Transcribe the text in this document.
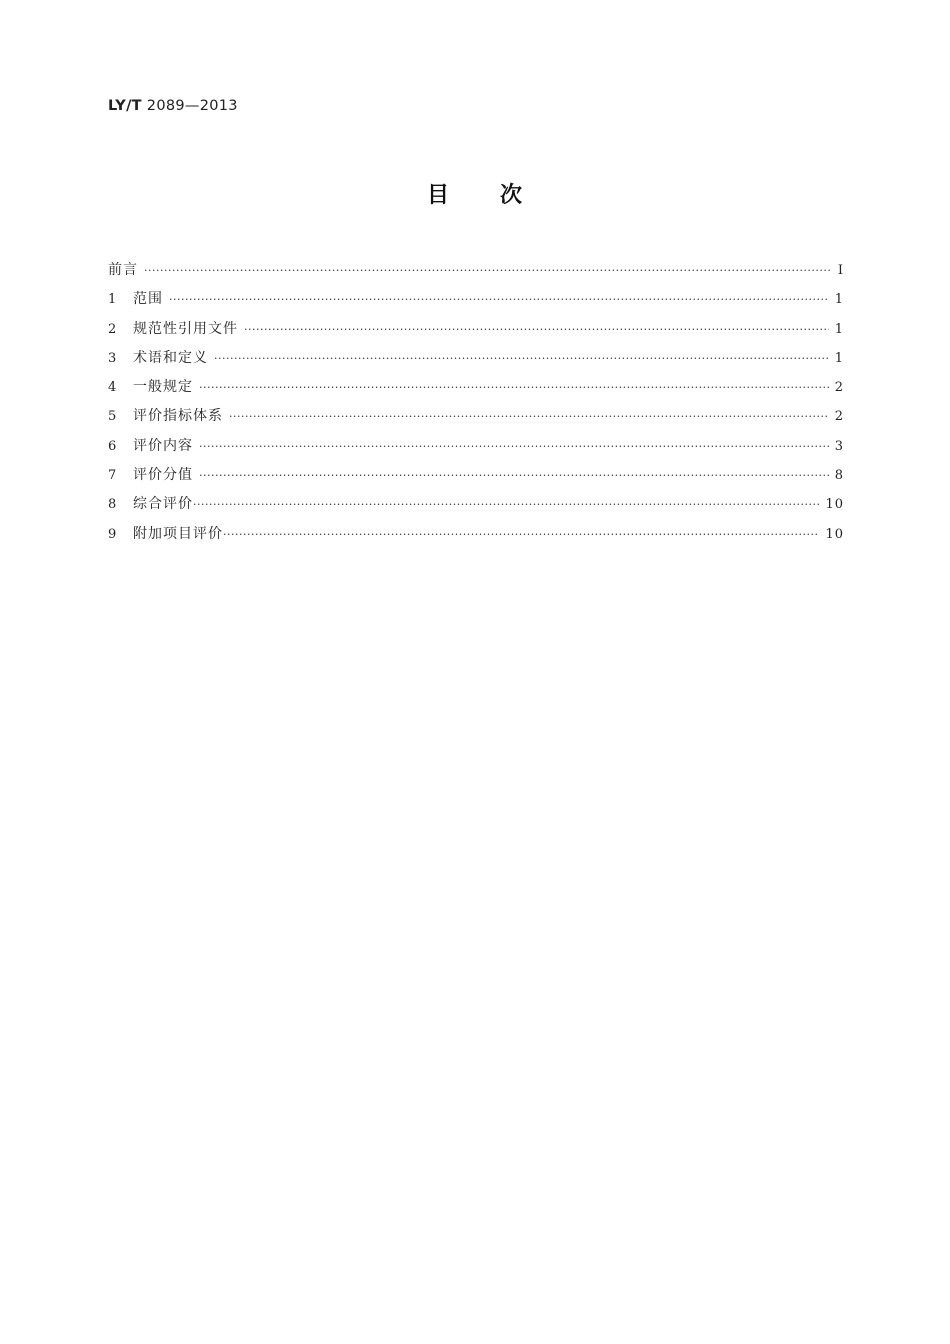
LY/T 2089—2013
目 次
前言 ·····	Ⅰ
1	范围 ·····	1
2	规范性引用文件 ·····	1
3	术语和定义 ·····	1
4	一般规定 ·····	2
5	评价指标体系 ·····	2
6	评价内容 ·····	3
7	评价分值 ·····	8
8	综合评价 ·····	10
9	附加项目评价 ·····	10
